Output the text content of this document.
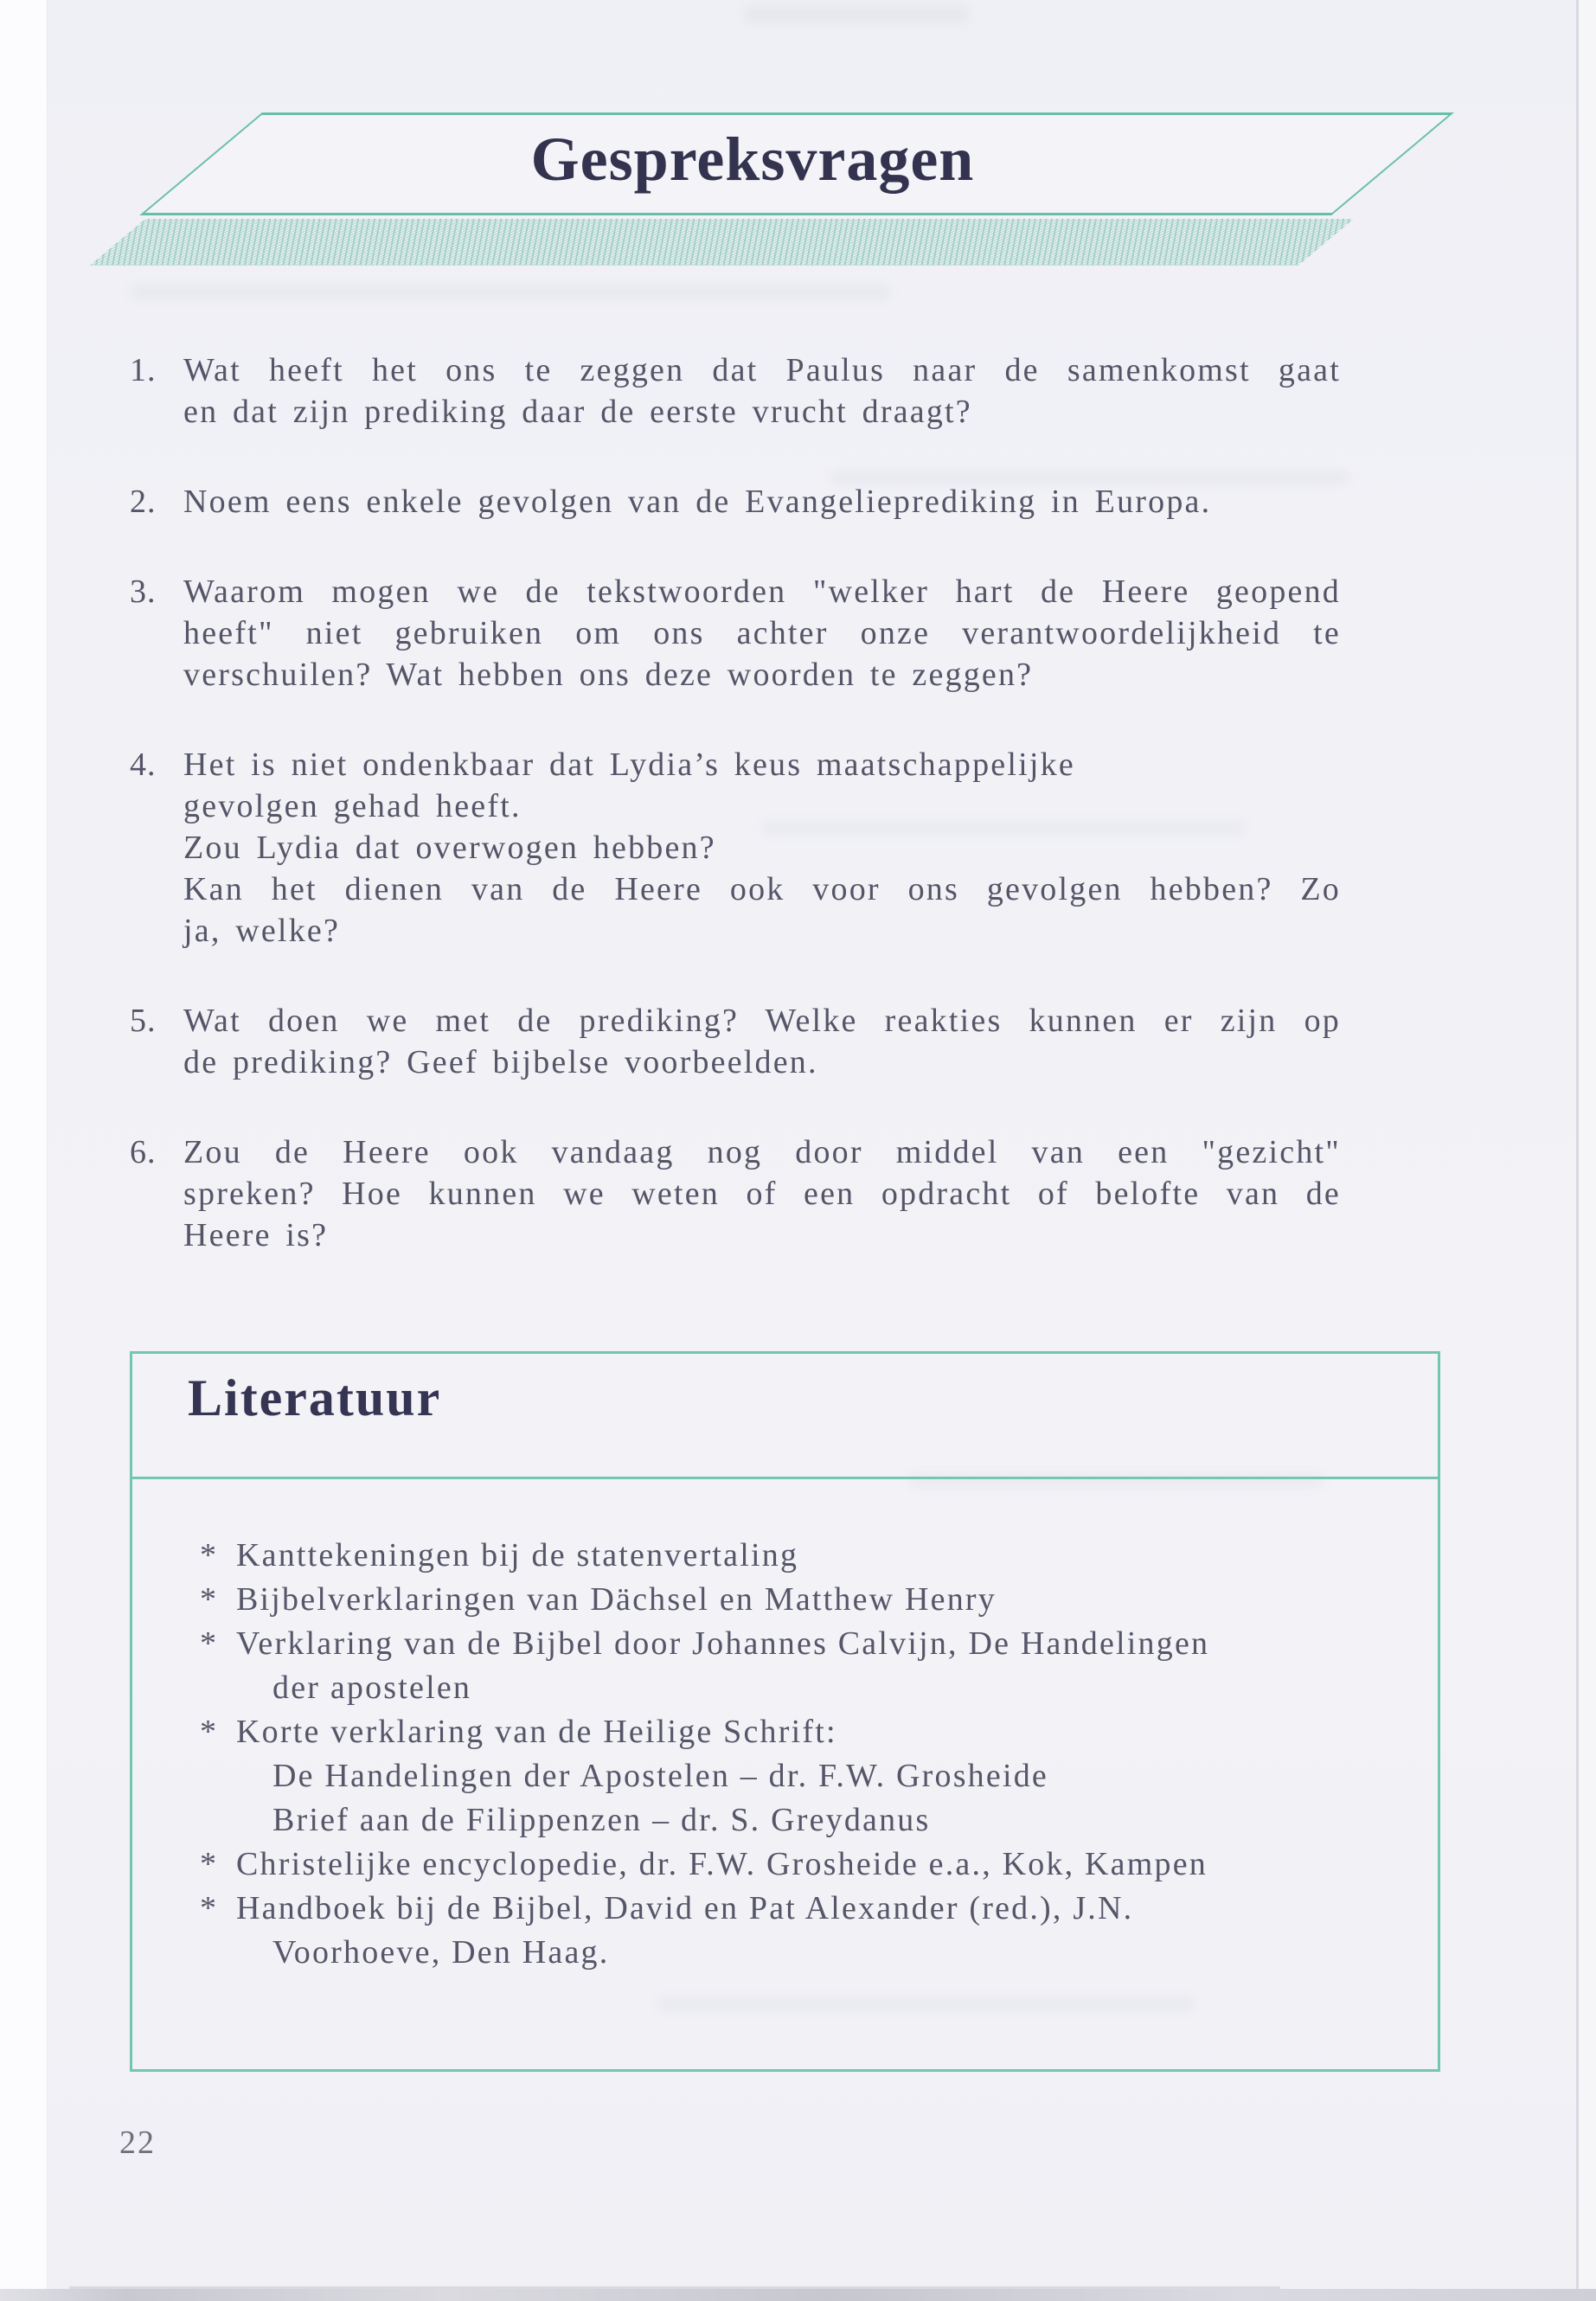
Gespreksvragen
1. Wat heeft het ons te zeggen dat Paulus naar de samenkomst gaat
en dat zijn prediking daar de eerste vrucht draagt?
2. Noem eens enkele gevolgen van de Evangelieprediking in Europa.
3. Waarom mogen we de tekstwoorden "welker hart de Heere geopend
heeft" niet gebruiken om ons achter onze verantwoordelijkheid te
verschuilen? Wat hebben ons deze woorden te zeggen?
4. Het is niet ondenkbaar dat Lydia’s keus maatschappelijke
gevolgen gehad heeft.
Zou Lydia dat overwogen hebben?
Kan het dienen van de Heere ook voor ons gevolgen hebben? Zo
ja, welke?
5. Wat doen we met de prediking? Welke reakties kunnen er zijn op
de prediking? Geef bijbelse voorbeelden.
6. Zou de Heere ook vandaag nog door middel van een "gezicht"
spreken? Hoe kunnen we weten of een opdracht of belofte van de
Heere is?
Literatuur
* Kanttekeningen bij de statenvertaling
* Bijbelverklaringen van Dächsel en Matthew Henry
* Verklaring van de Bijbel door Johannes Calvijn, De Handelingen
der apostelen
* Korte verklaring van de Heilige Schrift:
De Handelingen der Apostelen – dr. F.W. Grosheide
Brief aan de Filippenzen – dr. S. Greydanus
* Christelijke encyclopedie, dr. F.W. Grosheide e.a., Kok, Kampen
* Handboek bij de Bijbel, David en Pat Alexander (red.), J.N.
Voorhoeve, Den Haag.
22
